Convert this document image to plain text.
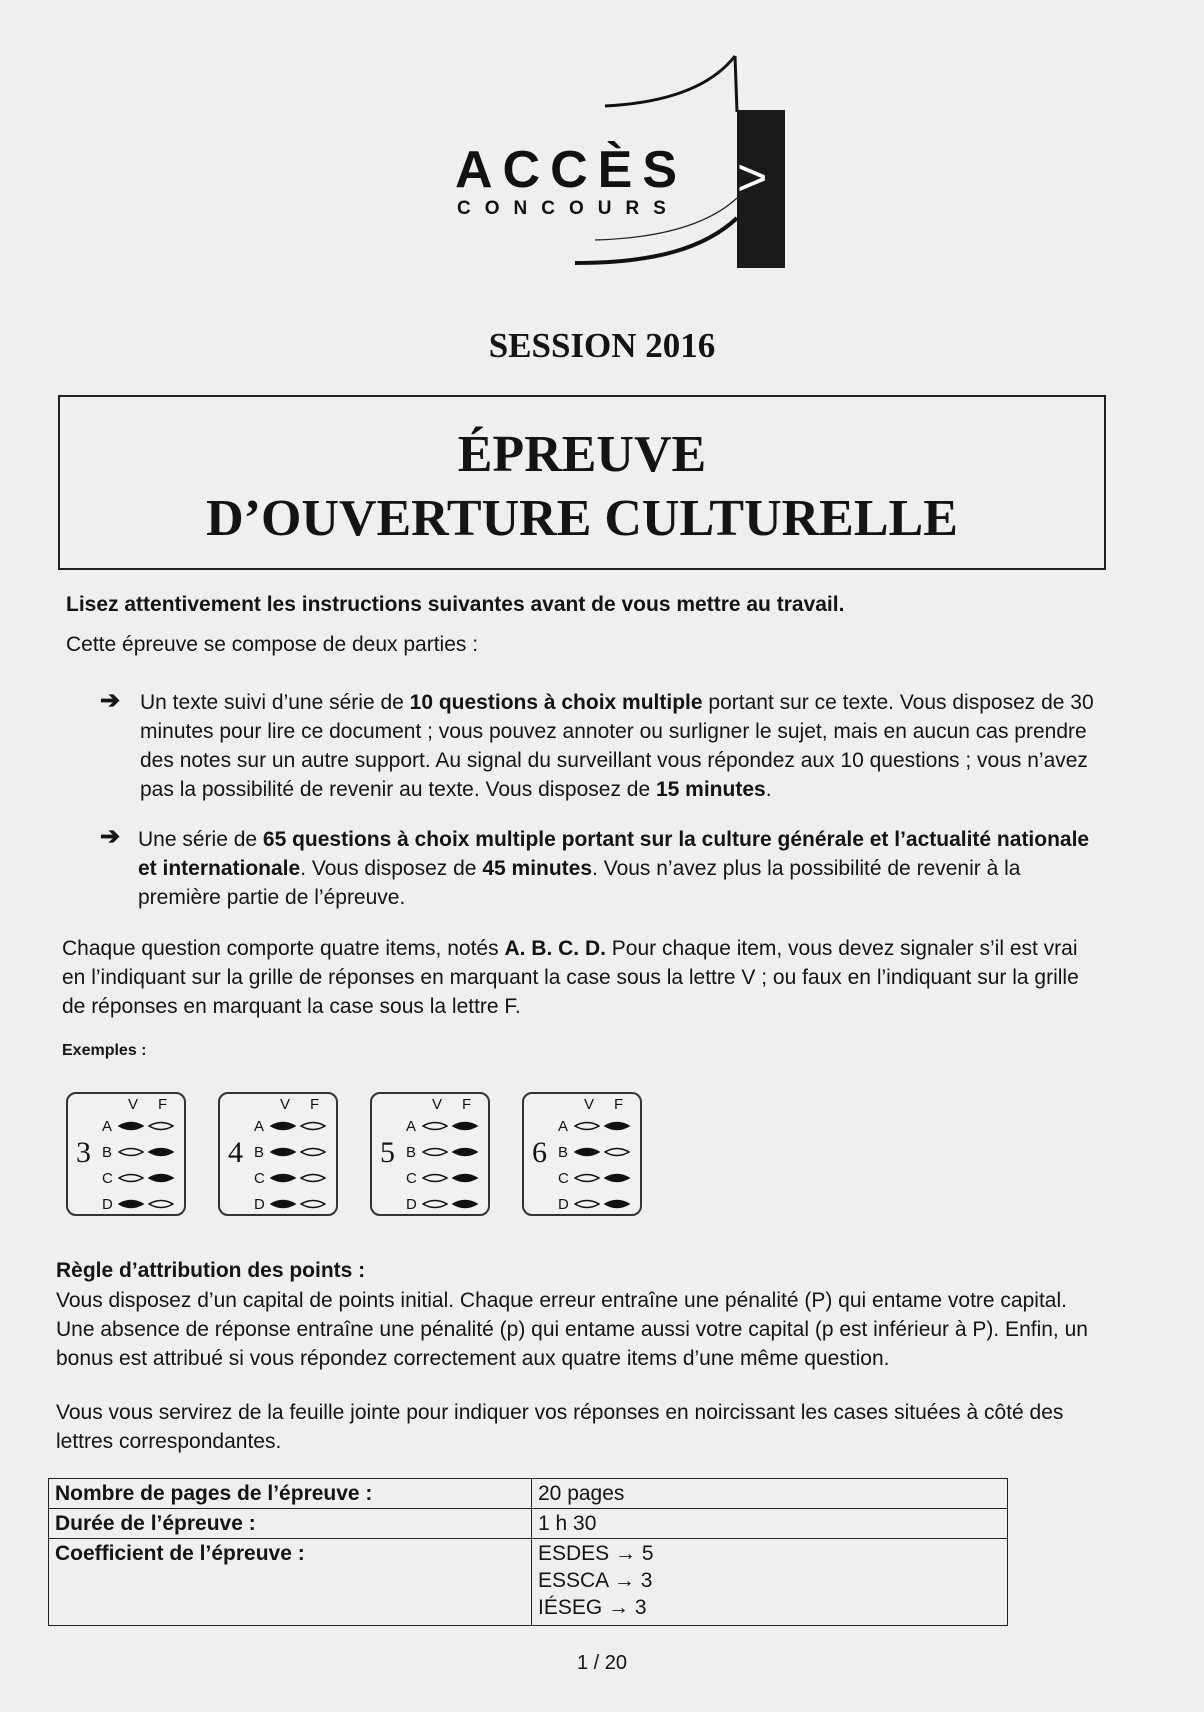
ACCÈS
CONCOURS
>
SESSION 2016
ÉPREUVE
D’OUVERTURE CULTURELLE
Lisez attentivement les instructions suivantes avant de vous mettre au travail.
Cette épreuve se compose de deux parties :
➔ Un texte suivi d’une série de 10 questions à choix multiple portant sur ce texte. Vous disposez de 30 minutes pour lire ce document ; vous pouvez annoter ou surligner le sujet, mais en aucun cas prendre des notes sur un autre support. Au signal du surveillant vous répondez aux 10 questions ; vous n’avez pas la possibilité de revenir au texte. Vous disposez de 15 minutes.
➔ Une série de 65 questions à choix multiple portant sur la culture générale et l’actualité nationale et internationale. Vous disposez de 45 minutes. Vous n’avez plus la possibilité de revenir à la première partie de l’épreuve.
Chaque question comporte quatre items, notés A. B. C. D. Pour chaque item, vous devez signaler s’il est vrai en l’indiquant sur la grille de réponses en marquant la case sous la lettre V ; ou faux en l’indiquant sur la grille de réponses en marquant la case sous la lettre F.
Exemples :
3
V F
A
B
C
D
4
V F
A
B
C
D
5
V F
A
B
C
D
6
V F
A
B
C
D
Règle d’attribution des points :
Vous disposez d’un capital de points initial. Chaque erreur entraîne une pénalité (P) qui entame votre capital. Une absence de réponse entraîne une pénalité (p) qui entame aussi votre capital (p est inférieur à P). Enfin, un bonus est attribué si vous répondez correctement aux quatre items d’une même question.
Vous vous servirez de la feuille jointe pour indiquer vos réponses en noircissant les cases situées à côté des lettres correspondantes.
Nombre de pages de l’épreuve :	20 pages
Durée de l’épreuve :	1 h 30
Coefficient de l’épreuve :	ESDES → 5
ESSCA → 3
IÉSEG → 3
1 / 20
